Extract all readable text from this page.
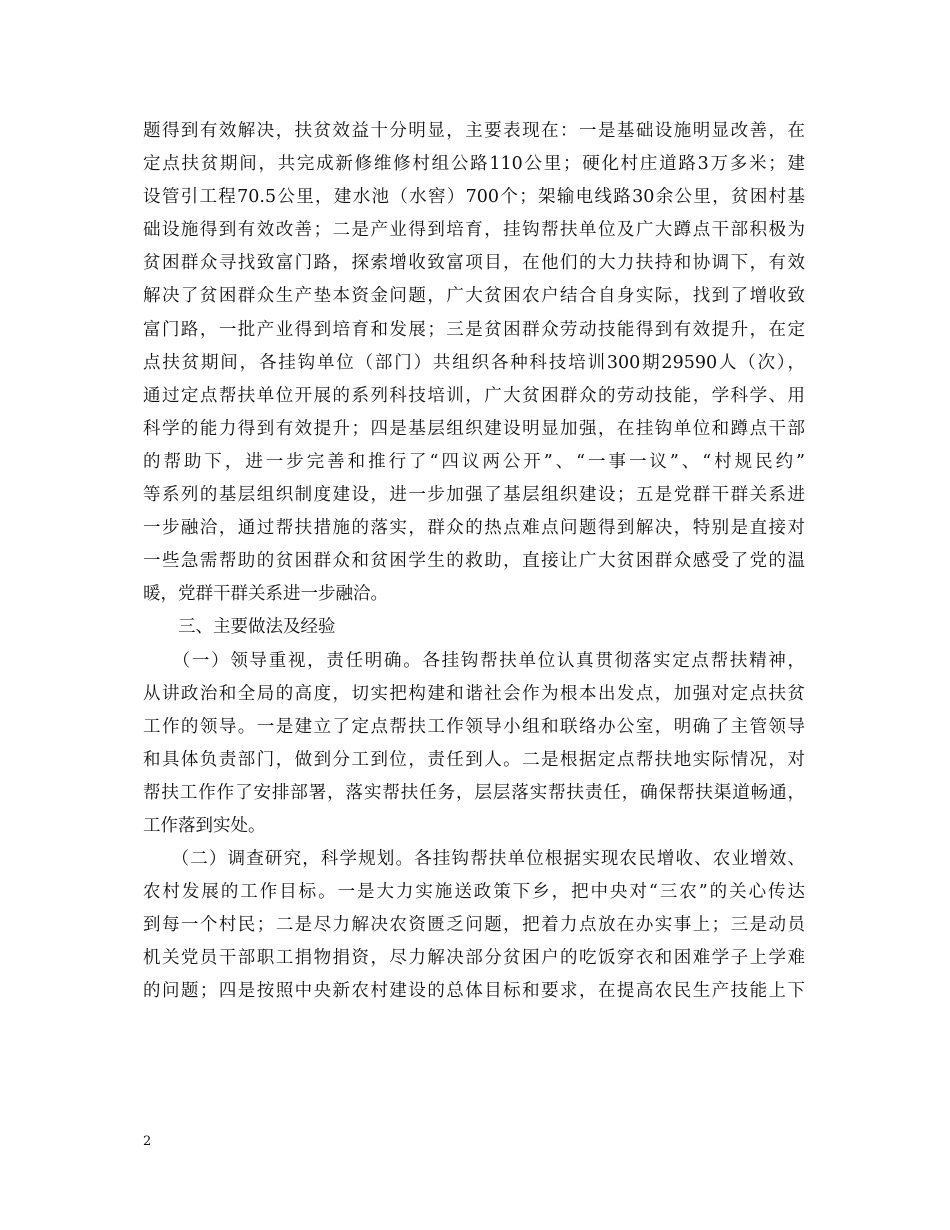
题得到有效解决，扶贫效益十分明显，主要表现在：一是基础设施明显改善，在
定点扶贫期间，共完成新修维修村组公路110公里；硬化村庄道路3万多米；建
设管引工程70.5公里，建水池（水窖）700个；架输电线路30余公里，贫困村基
础设施得到有效改善；二是产业得到培育，挂钩帮扶单位及广大蹲点干部积极为
贫困群众寻找致富门路，探索增收致富项目，在他们的大力扶持和协调下，有效
解决了贫困群众生产垫本资金问题，广大贫困农户结合自身实际，找到了增收致
富门路，一批产业得到培育和发展；三是贫困群众劳动技能得到有效提升，在定
点扶贫期间，各挂钩单位（部门）共组织各种科技培训300期29590人（次），
通过定点帮扶单位开展的系列科技培训，广大贫困群众的劳动技能，学科学、用
科学的能力得到有效提升；四是基层组织建设明显加强，在挂钩单位和蹲点干部
的帮助下，进一步完善和推行了“四议两公开”、“一事一议”、“村规民约”
等系列的基层组织制度建设，进一步加强了基层组织建设；五是党群干群关系进
一步融洽，通过帮扶措施的落实，群众的热点难点问题得到解决，特别是直接对
一些急需帮助的贫困群众和贫困学生的救助，直接让广大贫困群众感受了党的温
暖，党群干群关系进一步融洽。
　　三、主要做法及经验
　　（一）领导重视，责任明确。各挂钩帮扶单位认真贯彻落实定点帮扶精神，
从讲政治和全局的高度，切实把构建和谐社会作为根本出发点，加强对定点扶贫
工作的领导。一是建立了定点帮扶工作领导小组和联络办公室，明确了主管领导
和具体负责部门，做到分工到位，责任到人。二是根据定点帮扶地实际情况，对
帮扶工作作了安排部署，落实帮扶任务，层层落实帮扶责任，确保帮扶渠道畅通，
工作落到实处。
　　（二）调查研究，科学规划。各挂钩帮扶单位根据实现农民增收、农业增效、
农村发展的工作目标。一是大力实施送政策下乡，把中央对“三农”的关心传达
到每一个村民；二是尽力解决农资匮乏问题，把着力点放在办实事上；三是动员
机关党员干部职工捐物捐资，尽力解决部分贫困户的吃饭穿衣和困难学子上学难
的问题；四是按照中央新农村建设的总体目标和要求，在提高农民生产技能上下
2
